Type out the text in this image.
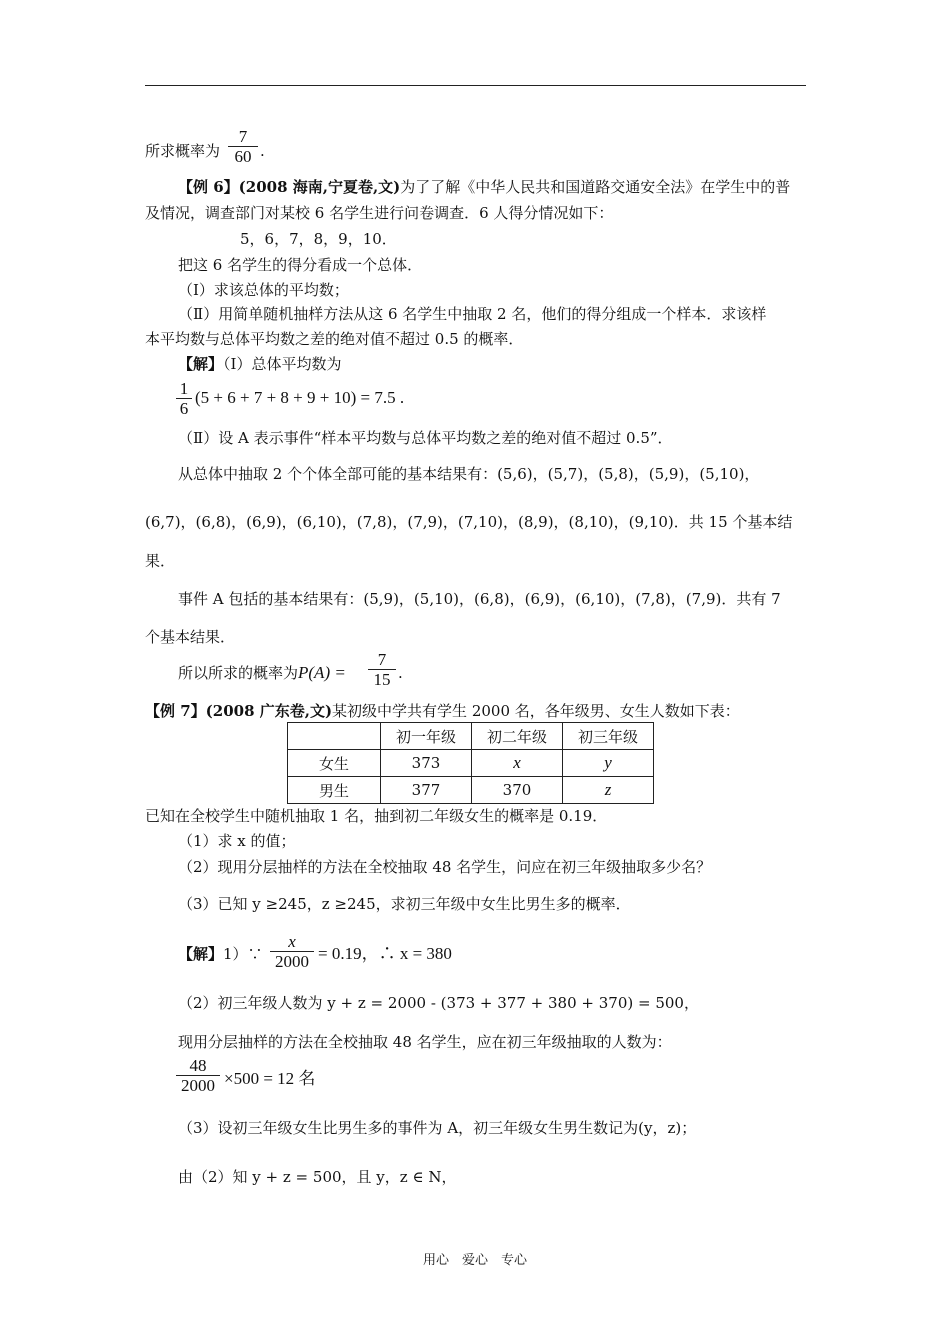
所求概率为 $\frac{7}{60}$ .
【例 6】(2008 海南,宁夏卷,文)为了了解《中华人民共和国道路交通安全法》在学生中的普
及情况，调查部门对某校 6 名学生进行问卷调查．6 人得分情况如下：
5，6，7，8，9，10．
把这 6 名学生的得分看成一个总体．
（Ⅰ）求该总体的平均数；
（Ⅱ）用简单随机抽样方法从这 6 名学生中抽取 2 名，他们的得分组成一个样本．求该样
本平均数与总体平均数之差的绝对值不超过 0.5 的概率．
【解】（Ⅰ）总体平均数为
$\frac{1}{6} (5 + 6 + 7 + 8 + 9 + 10) = 7.5$ .
（Ⅱ）设 A 表示事件“样本平均数与总体平均数之差的绝对值不超过 0.5”．
从总体中抽取 2 个个体全部可能的基本结果有：(5,6)，(5,7)，(5,8)，(5,9)，(5,10)，
(6,7)，(6,8)，(6,9)，(6,10)，(7,8)，(7,9)，(7,10)，(8,9)，(8,10)，(9,10)．共 15 个基本结
果．
事件 A 包括的基本结果有：(5,9)，(5,10)，(6,8)，(6,9)，(6,10)，(7,8)，(7,9)．共有 7
个基本结果．
所以所求的概率为$P(A) = \frac{7}{15}$ .
【例 7】(2008 广东卷,文)某初级中学共有学生 2000 名，各年级男、女生人数如下表：
	初一年级	初二年级	初三年级
女生	373	x	y
男生	377	370	z
已知在全校学生中随机抽取 1 名，抽到初二年级女生的概率是 0.19．
（1）求 x 的值；
（2）现用分层抽样的方法在全校抽取 48 名学生，问应在初三年级抽取多少名？
（3）已知 y ≥245，z ≥245，求初三年级中女生比男生多的概率．
【解】1）∵ $\frac{x}{2000} = 0.19$，∴ x = 380
（2）初三年级人数为 y + z = 2000 - (373 + 377 + 380 + 370) = 500，
现用分层抽样的方法在全校抽取 48 名学生，应在初三年级抽取的人数为：
$\frac{48}{2000} \times 500 = 12$ 名
（3）设初三年级女生比男生多的事件为 A，初三年级女生男生数记为(y，z)；
由（2）知 y + z = 500，且 y，z ∈ N，
用心　爱心　专心
